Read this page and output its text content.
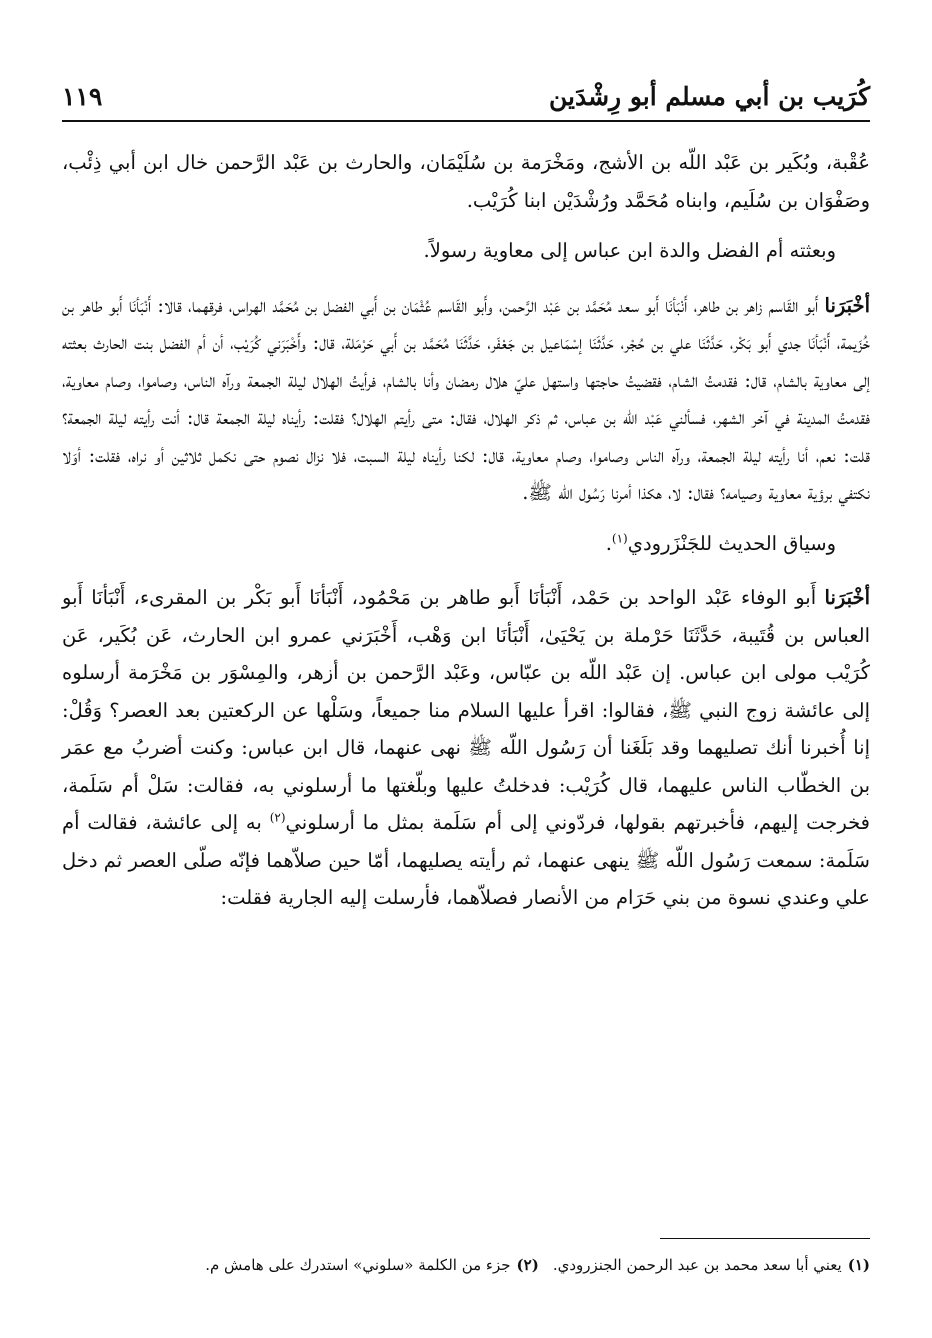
كُرَيب بن أبي مسلم أبو رِشْدَين
١١٩

عُقْبة، وبُكَير بن عَبْد اللّه بن الأشج، ومَخْرَمة بن سُلَيْمَان، والحارث بن عَبْد الرَّحمن خال ابن أبي ذِئْب، وصَفْوَان بن سُلَيم، وابناه مُحَمَّد ورُشْدَيْن ابنا كُرَيْب.

وبعثته أم الفضل والدة ابن عباس إلى معاوية رسولاً.

أخْبَرَنا أَبو القَاسم زاهر بن طاهر، أَنْبَأنَا أَبو سعد مُحَمَّد بن عَبْد الرَّحمن، وأَبو القَاسم عُثْمَان بن أَبي الفضل بن مُحَمَّد الهراس، فرقهما، قالا: أَنْبَأنَا أَبو طاهر بن خُزَيمة، أَنْبَأنَا جدي أَبو بَكْر، حَدَّثَنَا علي بن حُجْر، حَدَّثَنَا إسْمَاعيل بن جَعْفَر، حَدَّثَنَا مُحَمَّد بن أَبي حَرْمَلة، قال: وأَخْبَرَني كُرَيْب، أن أم الفضل بنت الحارث بعثته إلى معاوية بالشام، قال: فقدمتُ الشام، فقضيتُ حاجتها واستهل عليّ هلال رمضان وأنا بالشام، فرأيتُ الهلال ليلة الجمعة ورآه الناس، وصاموا، وصام معاوية، فقدمتُ المدينة في آخر الشهر، فسألني عَبْد اللّه بن عباس، ثم ذكر الهلال، فقال: متى رأيتم الهلال؟ فقلت: رأيناه ليلة الجمعة قال: أنت رأيته ليلة الجمعة؟ قلت: نعم، أنا رأيته ليلة الجمعة، ورآه الناس وصاموا، وصام معاوية، قال: لكنا رأيناه ليلة السبت، فلا نزال نصوم حتى نكمل ثلاثين أو نراه، فقلت: أوَلا نكتفي برؤية معاوية وصيامه؟ فقال: لا، هكذا أمرنا رَسُول اللّه ﷺ.

وسياق الحديث للجَنْزَرودي$^{(١)}$.

أخْبَرَنا أَبو الوفاء عَبْد الواحد بن حَمْد، أَنْبَأنَا أَبو طاهر بن مَحْمُود، أَنْبَأنَا أَبو بَكْر بن المقرىء، أَنْبَأنَا أَبو العباس بن قُتَيبة، حَدَّثَنَا حَرْملة بن يَحْيَىٰ، أَنْبَأنَا ابن وَهْب، أَخْبَرَني عمرو ابن الحارث، عَن بُكَير، عَن كُرَيْب مولى ابن عباس. إن عَبْد اللّه بن عبّاس، وعَبْد الرَّحمن بن أزهر، والمِسْوَر بن مَخْرَمة أرسلوه إلى عائشة زوج النبي ﷺ، فقالوا: اقرأ عليها السلام منا جميعاً، وسَلْها عن الركعتين بعد العصر؟ وَقُلْ: إنا أُخبرنا أنك تصليهما وقد بَلَغَنا أن رَسُول اللّه ﷺ نهى عنهما، قال ابن عباس: وكنت أضربُ مع عمَر بن الخطّاب الناس عليهما، قال كُرَيْب: فدخلتُ عليها وبلّغتها ما أرسلوني به، فقالت: سَلْ أم سَلَمة، فخرجت إليهم، فأخبرتهم بقولها، فردّوني إلى أم سَلَمة بمثل ما أرسلوني$^{(٢)}$ به إلى عائشة، فقالت أم سَلَمة: سمعت رَسُول اللّه ﷺ ينهى عنهما، ثم رأيته يصليهما، أمّا حين صلاّهما فإنّه صلّى العصر ثم دخل علي وعندي نسوة من بني حَرَام من الأنصار فصلاّهما، فأرسلت إليه الجارية فقلت:

(١)يعني أبا سعد محمد بن عبد الرحمن الجنزرودي.(٢)جزء من الكلمة «سلوني» استدرك على هامش م.
